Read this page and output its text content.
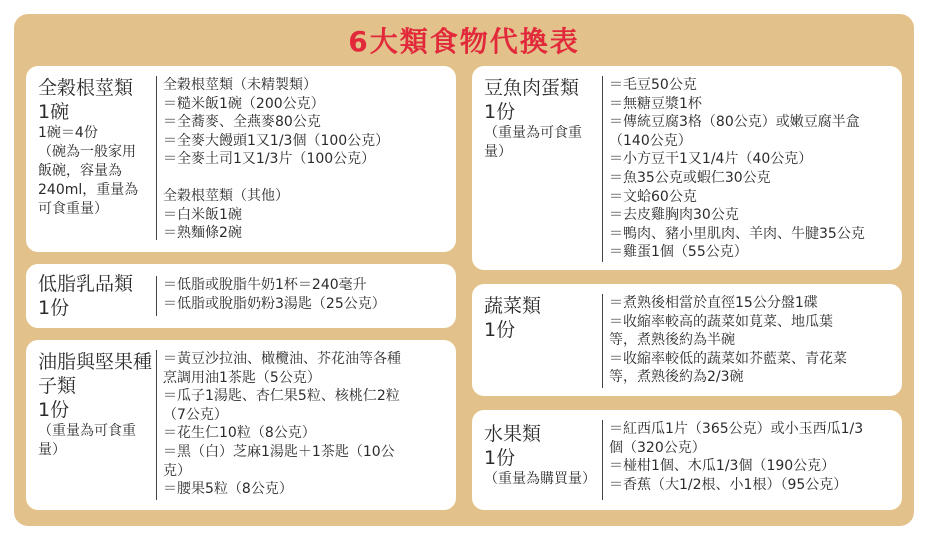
6大類食物代換表
全穀根莖類
1碗
1碗＝4份
（碗為一般家用
飯碗，容量為
240ml，重量為
可食重量）
全穀根莖類（未精製類）
＝糙米飯1碗（200公克）
＝全蕎麥、全燕麥80公克
＝全麥大饅頭1又1/3個（100公克）
＝全麥土司1又1/3片（100公克）
全穀根莖類（其他）
＝白米飯1碗
＝熟麵條2碗
低脂乳品類
1份
＝低脂或脫脂牛奶1杯＝240毫升
＝低脂或脫脂奶粉3湯匙（25公克）
油脂與堅果種
子類
1份
（重量為可食重
量）
＝黃豆沙拉油、橄欖油、芥花油等各種
烹調用油1茶匙（5公克）
＝瓜子1湯匙、杏仁果5粒、核桃仁2粒
（7公克）
＝花生仁10粒（8公克）
＝黑（白）芝麻1湯匙＋1茶匙（10公
克）
＝腰果5粒（8公克）
豆魚肉蛋類
1份
（重量為可食重
量）
＝毛豆50公克
＝無糖豆漿1杯
＝傳統豆腐3格（80公克）或嫩豆腐半盒
（140公克）
＝小方豆干1又1/4片（40公克）
＝魚35公克或蝦仁30公克
＝文蛤60公克
＝去皮雞胸肉30公克
＝鴨肉、豬小里肌肉、羊肉、牛腱35公克
＝雞蛋1個（55公克）
蔬菜類
1份
＝煮熟後相當於直徑15公分盤1碟
＝收縮率較高的蔬菜如莧菜、地瓜葉
等，煮熟後約為半碗
＝收縮率較低的蔬菜如芥藍菜、青花菜
等，煮熟後約為2/3碗
水果類
1份
（重量為購買量）
＝紅西瓜1片（365公克）或小玉西瓜1/3
個（320公克）
＝椪柑1個、木瓜1/3個（190公克）
＝香蕉（大1/2根、小1根）（95公克）
